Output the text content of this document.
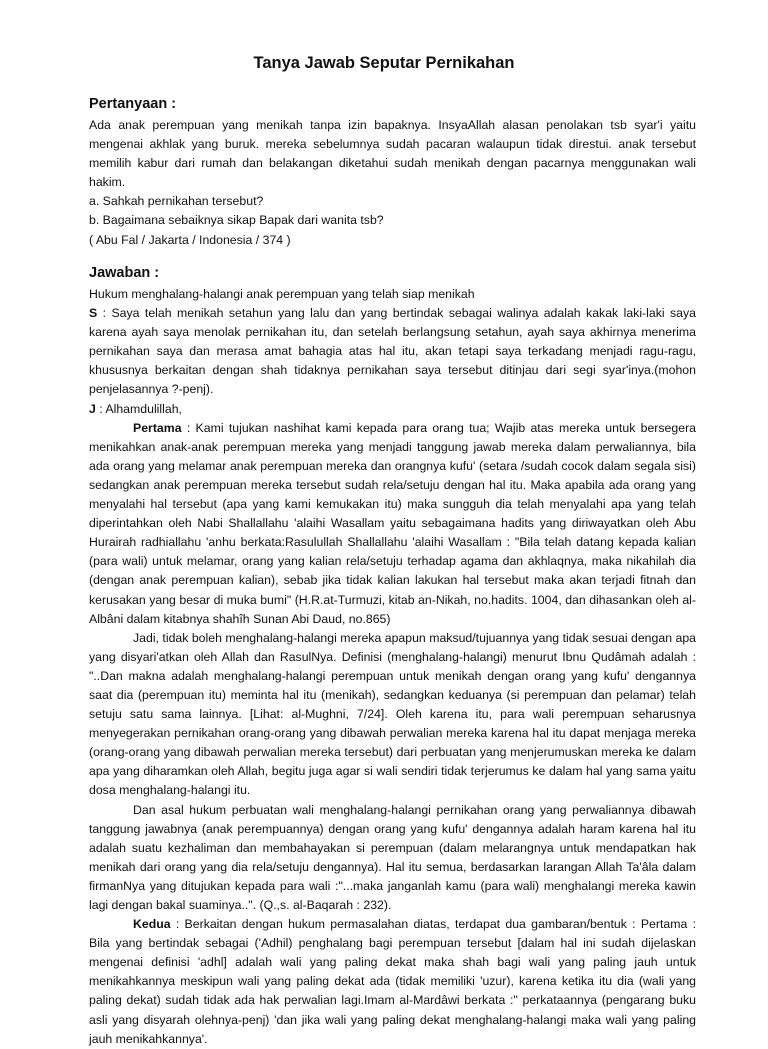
Tanya Jawab Seputar Pernikahan
Pertanyaan :

Ada anak perempuan yang menikah tanpa izin bapaknya. InsyaAllah alasan penolakan tsb syar'i yaitu mengenai akhlak yang buruk. mereka sebelumnya sudah pacaran walaupun tidak direstui. anak tersebut memilih kabur dari rumah dan belakangan diketahui sudah menikah dengan pacarnya menggunakan wali hakim.

a. Sahkah pernikahan tersebut?

b. Bagaimana sebaiknya sikap Bapak dari wanita tsb?

( Abu Fal / Jakarta / Indonesia / 374 )

Jawaban :

Hukum menghalang-halangi anak perempuan yang telah siap menikah

S : Saya telah menikah setahun yang lalu dan yang bertindak sebagai walinya adalah kakak laki-laki saya karena ayah saya menolak pernikahan itu, dan setelah berlangsung setahun, ayah saya akhirnya menerima pernikahan saya dan merasa amat bahagia atas hal itu, akan tetapi saya terkadang menjadi ragu-ragu, khususnya berkaitan dengan shah tidaknya pernikahan saya tersebut ditinjau dari segi syar'inya.(mohon penjelasannya ?-penj).

J : Alhamdulillah,

Pertama : Kami tujukan nashihat kami kepada para orang tua; Wajib atas mereka untuk bersegera menikahkan anak-anak perempuan mereka yang menjadi tanggung jawab mereka dalam perwaliannya, bila ada orang yang melamar anak perempuan mereka dan orangnya kufu' (setara /sudah cocok dalam segala sisi) sedangkan anak perempuan mereka tersebut sudah rela/setuju dengan hal itu. Maka apabila ada orang yang menyalahi hal tersebut (apa yang kami kemukakan itu) maka sungguh dia telah menyalahi apa yang telah diperintahkan oleh Nabi Shallallahu 'alaihi Wasallam yaitu sebagaimana hadits yang diriwayatkan oleh Abu Hurairah radhiallahu 'anhu berkata:Rasulullah Shallallahu 'alaihi Wasallam : "Bila telah datang kepada kalian (para wali) untuk melamar, orang yang kalian rela/setuju terhadap agama dan akhlaqnya, maka nikahilah dia (dengan anak perempuan kalian), sebab jika tidak kalian lakukan hal tersebut maka akan terjadi fitnah dan kerusakan yang besar di muka bumi" (H.R.at-Turmuzi, kitab an-Nikah, no.hadits. 1004, dan dihasankan oleh al-Albâni dalam kitabnya shahîh Sunan Abi Daud, no.865)

Jadi, tidak boleh menghalang-halangi mereka apapun maksud/tujuannya yang tidak sesuai dengan apa yang disyari'atkan oleh Allah dan RasulNya. Definisi (menghalang-halangi) menurut Ibnu Qudâmah adalah : "..Dan makna adalah menghalang-halangi perempuan untuk menikah dengan orang yang kufu' dengannya saat dia (perempuan itu) meminta hal itu (menikah), sedangkan keduanya (si perempuan dan pelamar) telah setuju satu sama lainnya. [Lihat: al-Mughni, 7/24]. Oleh karena itu, para wali perempuan seharusnya menyegerakan pernikahan orang-orang yang dibawah perwalian mereka karena hal itu dapat menjaga mereka (orang-orang yang dibawah perwalian mereka tersebut) dari perbuatan yang menjerumuskan mereka ke dalam apa yang diharamkan oleh Allah, begitu juga agar si wali sendiri tidak terjerumus ke dalam hal yang sama yaitu dosa menghalang-halangi itu.

Dan asal hukum perbuatan wali menghalang-halangi pernikahan orang yang perwaliannya dibawah tanggung jawabnya (anak perempuannya) dengan orang yang kufu' dengannya adalah haram karena hal itu adalah suatu kezhaliman dan membahayakan si perempuan (dalam melarangnya untuk mendapatkan hak menikah dari orang yang dia rela/setuju dengannya). Hal itu semua, berdasarkan larangan Allah Ta'âla dalam firmanNya yang ditujukan kepada para wali :"...maka janganlah kamu (para wali) menghalangi mereka kawin lagi dengan bakal suaminya..". (Q.,s. al-Baqarah : 232).

Kedua : Berkaitan dengan hukum permasalahan diatas, terdapat dua gambaran/bentuk : Pertama : Bila yang bertindak sebagai ('Adhil) penghalang bagi perempuan tersebut [dalam hal ini sudah dijelaskan mengenai definisi 'adhl] adalah wali yang paling dekat maka shah bagi wali yang paling jauh untuk menikahkannya meskipun wali yang paling dekat ada (tidak memiliki 'uzur), karena ketika itu dia (wali yang paling dekat) sudah tidak ada hak perwalian lagi.Imam al-Mardâwi berkata :" perkataannya (pengarang buku asli yang disyarah olehnya-penj) 'dan jika wali yang paling dekat menghalang-halangi maka wali yang paling jauh menikahkannya'.
